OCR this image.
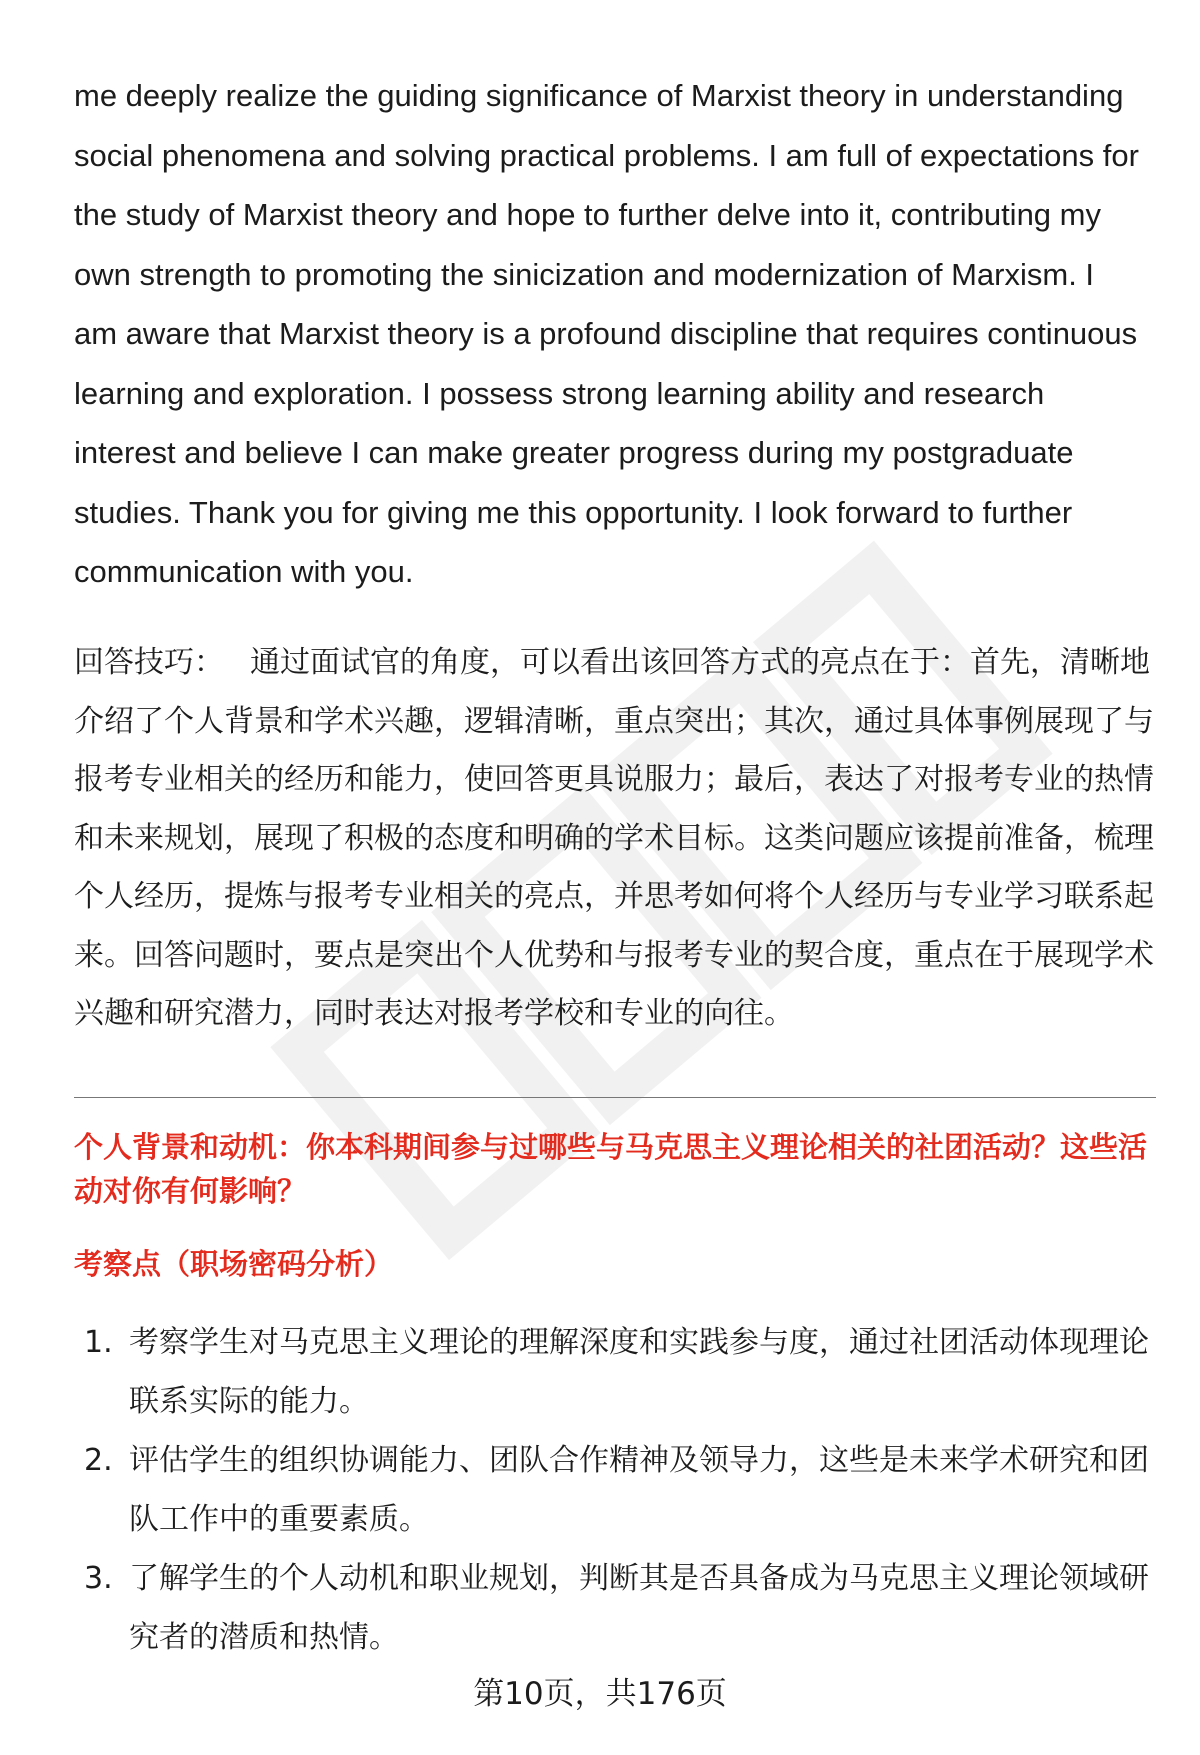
me deeply realize the guiding significance of Marxist theory in understanding social phenomena and solving practical problems. I am full of expectations for the study of Marxist theory and hope to further delve into it, contributing my own strength to promoting the sinicization and modernization of Marxism. I am aware that Marxist theory is a profound discipline that requires continuous learning and exploration. I possess strong learning ability and research interest and believe I can make greater progress during my postgraduate studies. Thank you for giving me this opportunity. I look forward to further communication with you.

回答技巧： 通过面试官的角度，可以看出该回答方式的亮点在于：首先，清晰地介绍了个人背景和学术兴趣，逻辑清晰，重点突出；其次，通过具体事例展现了与报考专业相关的经历和能力，使回答更具说服力；最后，表达了对报考专业的热情和未来规划，展现了积极的态度和明确的学术目标。这类问题应该提前准备，梳理个人经历，提炼与报考专业相关的亮点，并思考如何将个人经历与专业学习联系起来。回答问题时，要点是突出个人优势和与报考专业的契合度，重点在于展现学术兴趣和研究潜力，同时表达对报考学校和专业的向往。

个人背景和动机：你本科期间参与过哪些与马克思主义理论相关的社团活动？这些活动对你有何影响？
考察点（职场密码分析）
1. 考察学生对马克思主义理论的理解深度和实践参与度，通过社团活动体现理论联系实际的能力。
2. 评估学生的组织协调能力、团队合作精神及领导力，这些是未来学术研究和团队工作中的重要素质。
3. 了解学生的个人动机和职业规划，判断其是否具备成为马克思主义理论领域研究者的潜质和热情。
第10页，共176页
